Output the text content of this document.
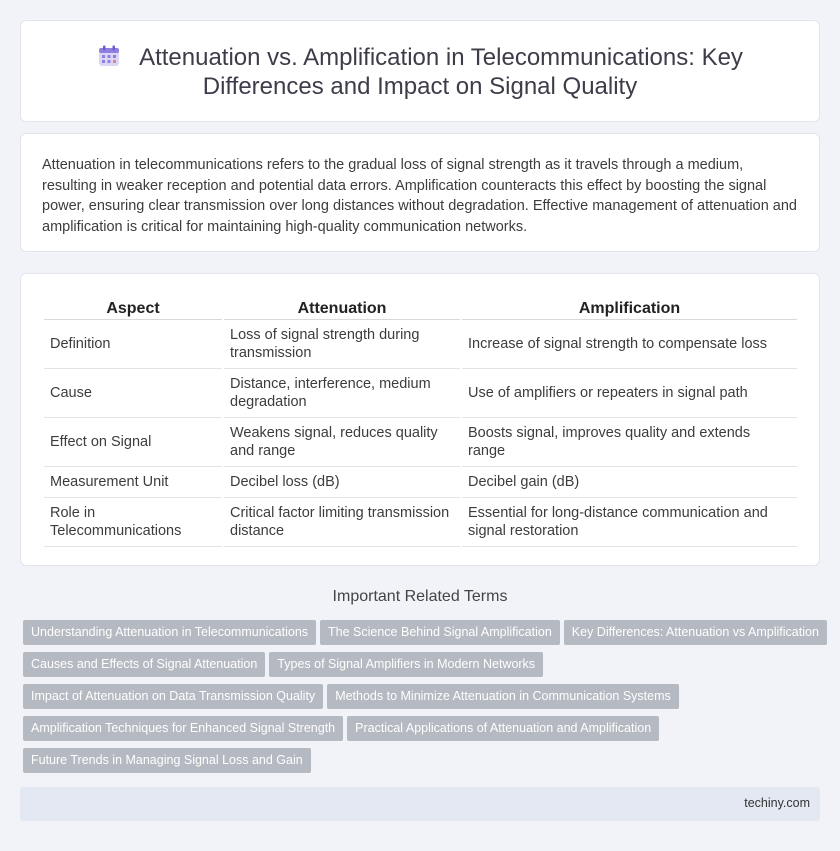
Attenuation vs. Amplification in Telecommunications: Key Differences and Impact on Signal Quality

Attenuation in telecommunications refers to the gradual loss of signal strength as it travels through a medium, resulting in weaker reception and potential data errors. Amplification counteracts this effect by boosting the signal power, ensuring clear transmission over long distances without degradation. Effective management of attenuation and amplification is critical for maintaining high-quality communication networks.

Aspect	Attenuation	Amplification
Definition	Loss of signal strength during transmission	Increase of signal strength to compensate loss
Cause	Distance, interference, medium degradation	Use of amplifiers or repeaters in signal path
Effect on Signal	Weakens signal, reduces quality and range	Boosts signal, improves quality and extends range
Measurement Unit	Decibel loss (dB)	Decibel gain (dB)
Role in Telecommunications	Critical factor limiting transmission distance	Essential for long-distance communication and signal restoration
Important Related Terms
Understanding Attenuation in Telecommunications The Science Behind Signal Amplification Key Differences: Attenuation vs Amplification
Causes and Effects of Signal Attenuation Types of Signal Amplifiers in Modern Networks
Impact of Attenuation on Data Transmission Quality Methods to Minimize Attenuation in Communication Systems
Amplification Techniques for Enhanced Signal Strength Practical Applications of Attenuation and Amplification
Future Trends in Managing Signal Loss and Gain
techiny.com
